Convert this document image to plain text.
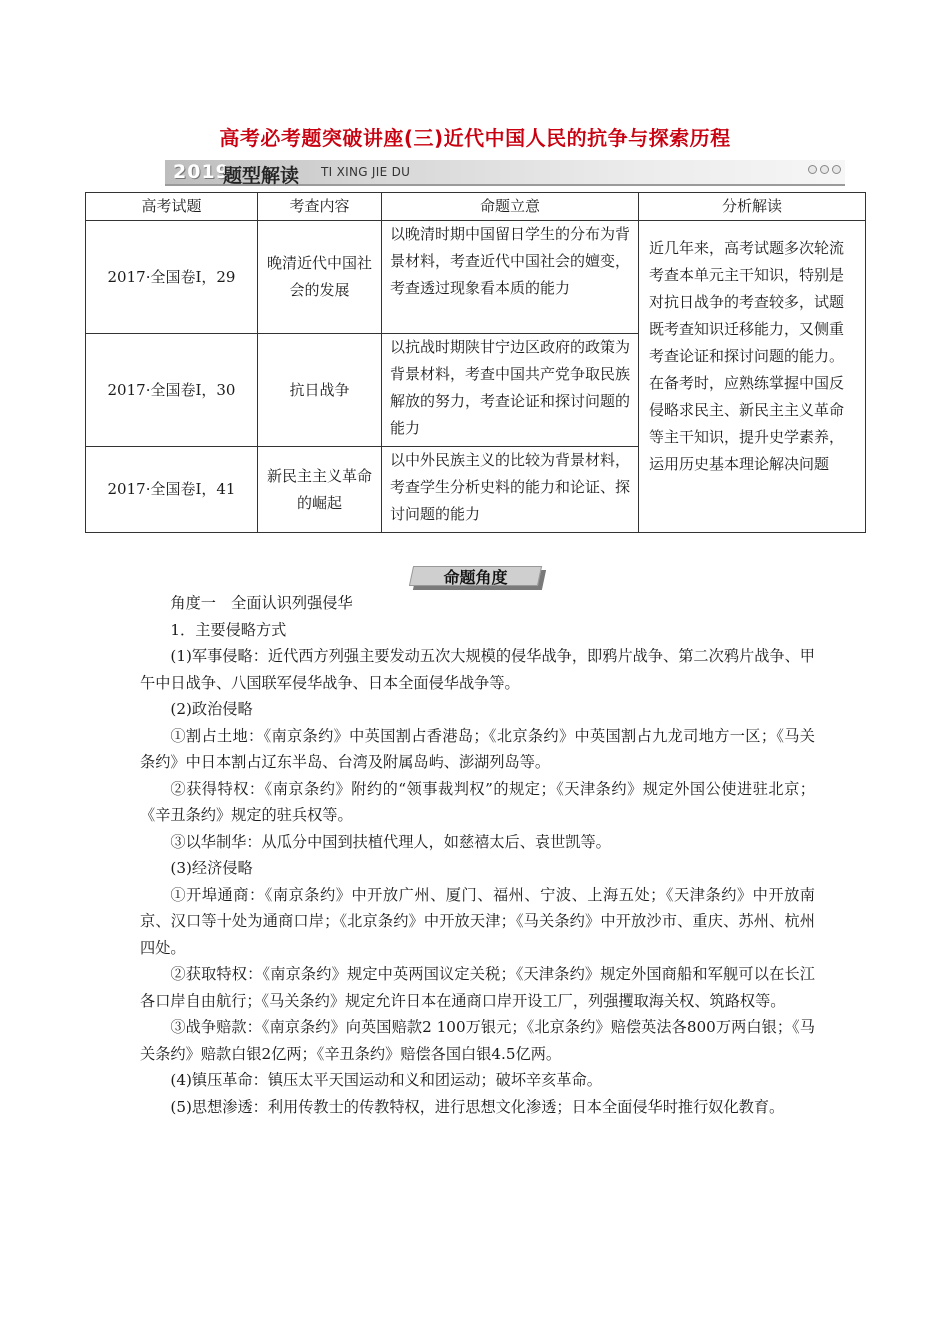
高考必考题突破讲座(三)近代中国人民的抗争与探索历程
2019
题型解读 TI XING JIE DU
高考试题	考查内容	命题立意	分析解读
2017·全国卷Ⅰ，29	晚清近代中国社会的发展	以晚清时期中国留日学生的分布为背景材料，考查近代中国社会的嬗变，考查透过现象看本质的能力	近几年来，高考试题多次轮流考查本单元主干知识，特别是对抗日战争的考查较多，试题既考查知识迁移能力，又侧重考查论证和探讨问题的能力。在备考时，应熟练掌握中国反侵略求民主、新民主主义革命等主干知识，提升史学素养，运用历史基本理论解决问题
2017·全国卷Ⅰ，30	抗日战争	以抗战时期陕甘宁边区政府的政策为背景材料，考查中国共产党争取民族解放的努力，考查论证和探讨问题的能力	
2017·全国卷Ⅰ，41	新民主主义革命的崛起	以中外民族主义的比较为背景材料，考查学生分析史料的能力和论证、探讨问题的能力	
命题角度

角度一　全面认识列强侵华

1．主要侵略方式

(1)军事侵略：近代西方列强主要发动五次大规模的侵华战争，即鸦片战争、第二次鸦片战争、甲午中日战争、八国联军侵华战争、日本全面侵华战争等。

(2)政治侵略

①割占土地：《南京条约》中英国割占香港岛；《北京条约》中英国割占九龙司地方一区；《马关条约》中日本割占辽东半岛、台湾及附属岛屿、澎湖列岛等。

②获得特权：《南京条约》附约的“领事裁判权”的规定；《天津条约》规定外国公使进驻北京；《辛丑条约》规定的驻兵权等。

③以华制华：从瓜分中国到扶植代理人，如慈禧太后、袁世凯等。

(3)经济侵略

①开埠通商：《南京条约》中开放广州、厦门、福州、宁波、上海五处；《天津条约》中开放南京、汉口等十处为通商口岸；《北京条约》中开放天津；《马关条约》中开放沙市、重庆、苏州、杭州四处。

②获取特权：《南京条约》规定中英两国议定关税；《天津条约》规定外国商船和军舰可以在长江各口岸自由航行；《马关条约》规定允许日本在通商口岸开设工厂，列强攫取海关权、筑路权等。

③战争赔款：《南京条约》向英国赔款2 100万银元；《北京条约》赔偿英法各800万两白银；《马关条约》赔款白银2亿两；《辛丑条约》赔偿各国白银4.5亿两。

(4)镇压革命：镇压太平天国运动和义和团运动；破坏辛亥革命。

(5)思想渗透：利用传教士的传教特权，进行思想文化渗透；日本全面侵华时推行奴化教育。
